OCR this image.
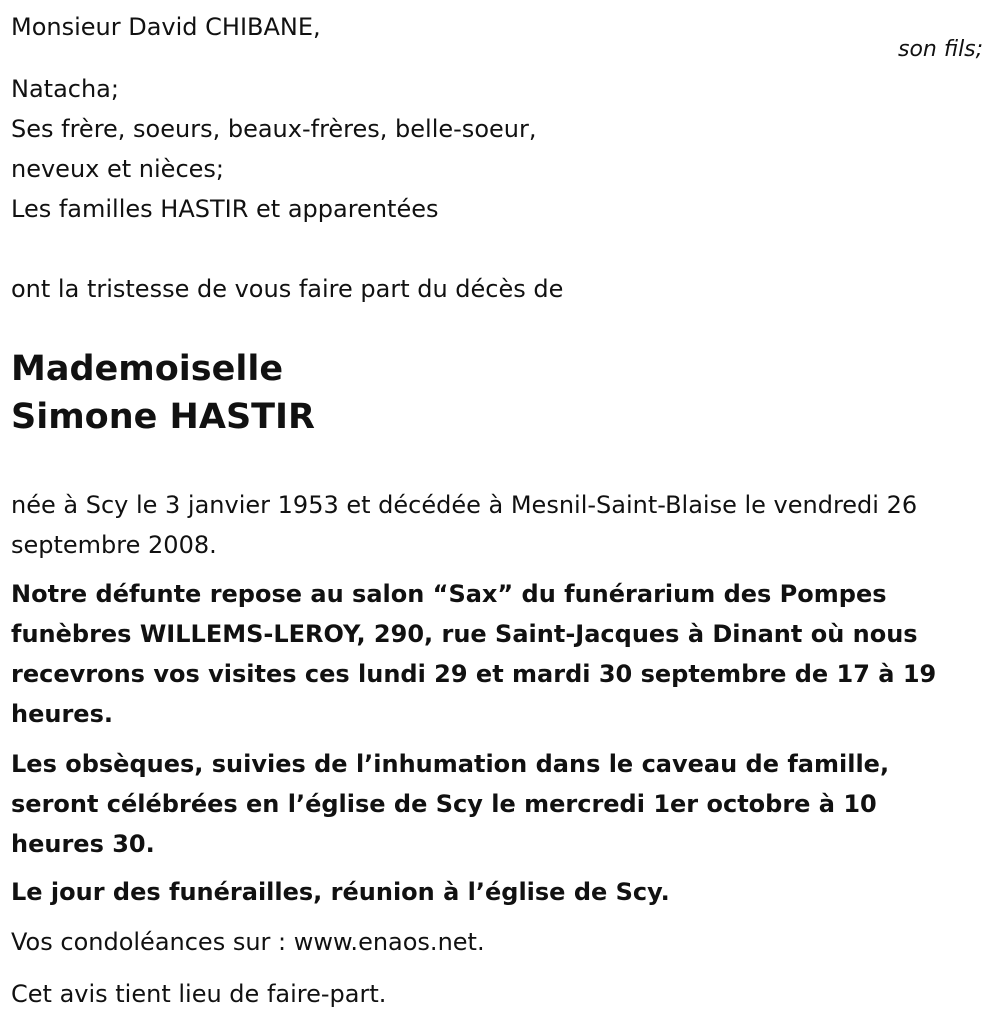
Monsieur David CHIBANE,
son fils;
Natacha;
Ses frère, soeurs, beaux-frères, belle-soeur,
neveux et nièces;
Les familles HASTIR et apparentées
ont la tristesse de vous faire part du décès de
Mademoiselle
Simone HASTIR
née à Scy le 3 janvier 1953 et décédée à Mesnil-Saint-Blaise le vendredi 26 septembre 2008.
Notre défunte repose au salon “Sax” du funérarium des Pompes funèbres WILLEMS-LEROY, 290, rue Saint-Jacques à Dinant où nous recevrons vos visites ces lundi 29 et mardi 30 septembre de 17 à 19 heures.
Les obsèques, suivies de l’inhumation dans le caveau de famille, seront célébrées en l’église de Scy le mercredi 1er octobre à 10 heures 30.
Le jour des funérailles, réunion à l’église de Scy.
Vos condoléances sur : www.enaos.net.
Cet avis tient lieu de faire-part.
